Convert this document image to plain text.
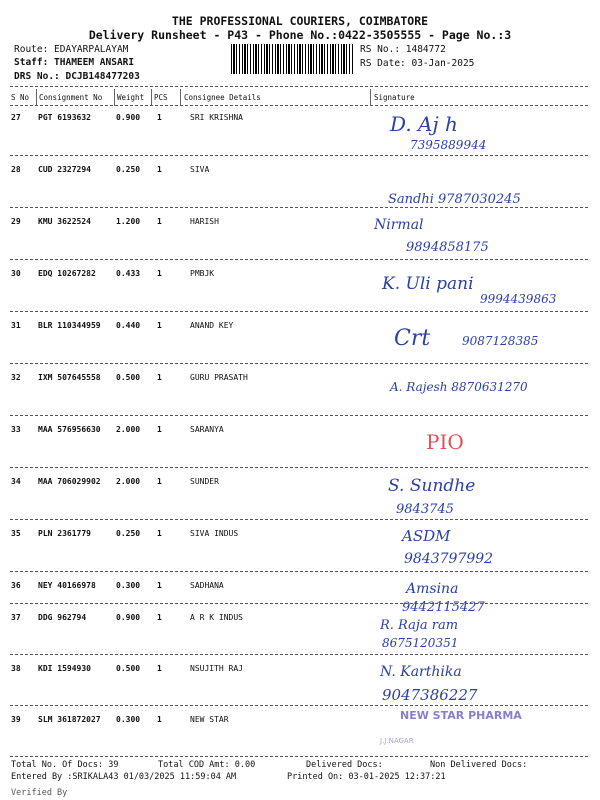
THE PROFESSIONAL COURIERS, COIMBATORE
Delivery Runsheet - P43 - Phone No.:0422-3505555 - Page No.:3
Route: EDAYARPALAYAM
Staff: THAMEEM ANSARI
DRS No.: DCJB148477203
RS No.: 1484772
RS Date: 03-Jan-2025
S No Consignment No Weight PCS Consignee Details	Signature
27 PGT 6193632	0.900 1	SRI KRISHNA	D. Aj h
7395889944
28 CUD 2327294	0.250 1	SIVA
Sandhi 9787030245
29 KMU 3622524	1.200 1	HARISH	Nirmal
9894858175
30 EDQ 10267282	0.433 1	PMBJK
K. Uli pani
9994439863
31 BLR 110344959 0.440 1	ANAND KEY
Crt	9087128385
32 IXM 507645558 0.500 1	GURU PRASATH
A. Rajesh 8870631270
33 MAA 576956630 2.000 1	SARANYA
PIO
34 MAA 706029902 2.000 1	SUNDER	S. Sundhe
9843745
35 PLN 2361779	0.250 1	SIVA INDUS	ASDM
9843797992
36 NEY 40166978	0.300 1	SADHANA	Amsina
9442115427
37 DDG 962794	0.900 1	A R K INDUS
R. Raja ram
8675120351
38 KDI 1594930	0.500 1	NSUJITH RAJ	N. Karthika
9047386227
39 SLM 361872027 0.300 1	NEW STAR	NEW STAR PHARMA
J.J.NAGAR
Total No. Of Docs: 39	Total COD Amt: 0.00	Delivered Docs:	Non Delivered Docs:
Entered By :SRIKALA43 01/03/2025 11:59:04 AM	Printed On: 03-01-2025 12:37:21
Verified By
